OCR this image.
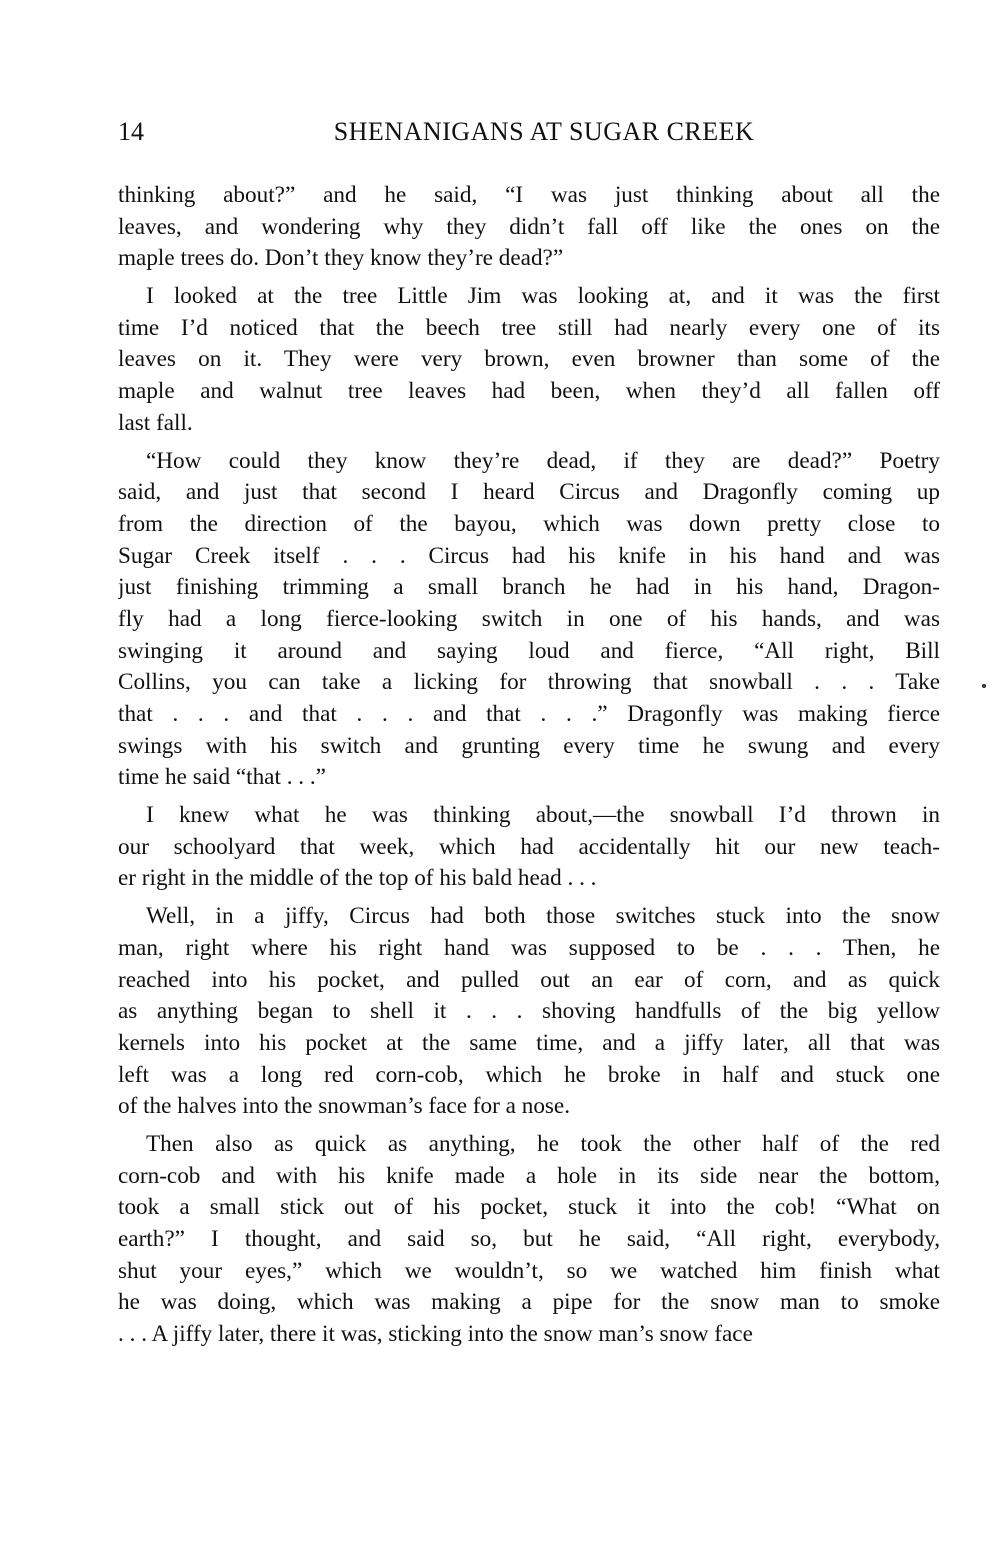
14	SHENANIGANS AT SUGAR CREEK

thinking about?” and he said, “I was just thinking about all the
leaves, and wondering why they didn’t fall off like the ones on the
maple trees do. Don’t they know they’re dead?”

I looked at the tree Little Jim was looking at, and it was the first
time I’d noticed that the beech tree still had nearly every one of its
leaves on it. They were very brown, even browner than some of the
maple and walnut tree leaves had been, when they’d all fallen off
last fall.

“How could they know they’re dead, if they are dead?” Poetry
said, and just that second I heard Circus and Dragonfly coming up
from the direction of the bayou, which was down pretty close to
Sugar Creek itself . . . Circus had his knife in his hand and was
just finishing trimming a small branch he had in his hand, Dragon-
fly had a long fierce-looking switch in one of his hands, and was
swinging it around and saying loud and fierce, “All right, Bill
Collins, you can take a licking for throwing that snowball . . . Take
that . . . and that . . . and that . . .” Dragonfly was making fierce
swings with his switch and grunting every time he swung and every
time he said “that . . .”

I knew what he was thinking about,—the snowball I’d thrown in
our schoolyard that week, which had accidentally hit our new teach-
er right in the middle of the top of his bald head . . .

Well, in a jiffy, Circus had both those switches stuck into the snow
man, right where his right hand was supposed to be . . . Then, he
reached into his pocket, and pulled out an ear of corn, and as quick
as anything began to shell it . . . shoving handfulls of the big yellow
kernels into his pocket at the same time, and a jiffy later, all that was
left was a long red corn-cob, which he broke in half and stuck one
of the halves into the snowman’s face for a nose.

Then also as quick as anything, he took the other half of the red
corn-cob and with his knife made a hole in its side near the bottom,
took a small stick out of his pocket, stuck it into the cob! “What on
earth?” I thought, and said so, but he said, “All right, everybody,
shut your eyes,” which we wouldn’t, so we watched him finish what
he was doing, which was making a pipe for the snow man to smoke
. . . A jiffy later, there it was, sticking into the snow man’s snow face
